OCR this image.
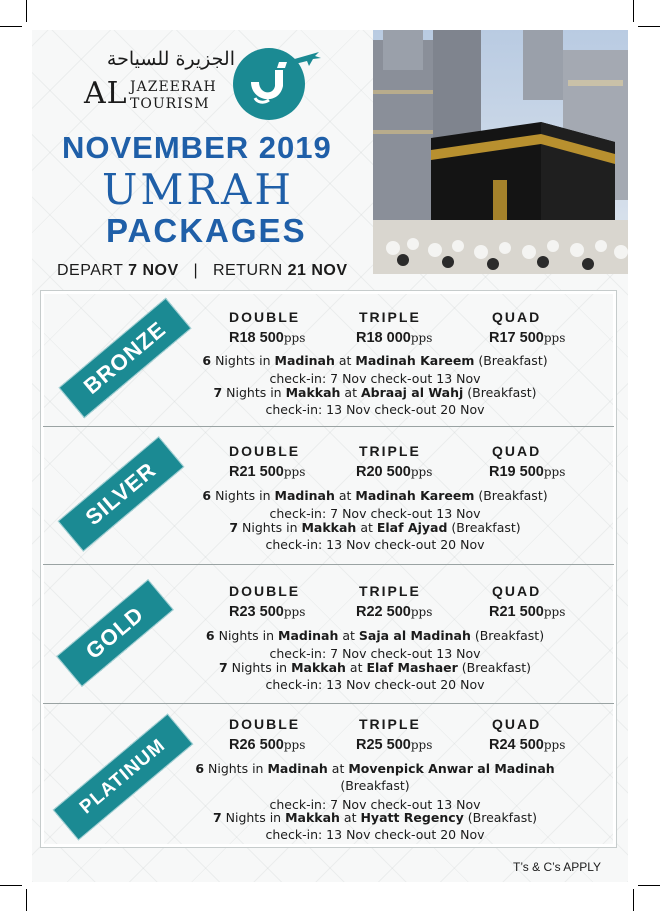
الجزيرة للسياحة
AL JAZEERAH
TOURISM
NOVEMBER 2019
UMRAH
PACKAGES
DEPART 7 NOV | RETURN 21 NOV
T’s & C’s APPLY
BRONZE	DOUBLE
R18 500pps
TRIPLE
R18 000pps
QUAD
R17 500pps
6 Nights in Madinah at Madinah Kareem (Breakfast)
check-in: 7 Nov check-out 13 Nov
7 Nights in Makkah at Abraaj al Wahj (Breakfast)
check-in: 13 Nov check-out 20 Nov
SILVER
DOUBLE
R21 500pps
TRIPLE
R20 500pps
QUAD
R19 500pps
6 Nights in Madinah at Madinah Kareem (Breakfast)
check-in: 7 Nov check-out 13 Nov
7 Nights in Makkah at Elaf Ajyad (Breakfast)
check-in: 13 Nov check-out 20 Nov
GOLD
DOUBLE
R23 500pps
TRIPLE
R22 500pps
QUAD
R21 500pps
6 Nights in Madinah at Saja al Madinah (Breakfast)
check-in: 7 Nov check-out 13 Nov
7 Nights in Makkah at Elaf Mashaer (Breakfast)
check-in: 13 Nov check-out 20 Nov
PLATINUM
DOUBLE
R26 500pps
TRIPLE
R25 500pps
QUAD
R24 500pps
6 Nights in Madinah at Movenpick Anwar al Madinah
(Breakfast)
check-in: 7 Nov check-out 13 Nov
7 Nights in Makkah at Hyatt Regency (Breakfast)
check-in: 13 Nov check-out 20 Nov
